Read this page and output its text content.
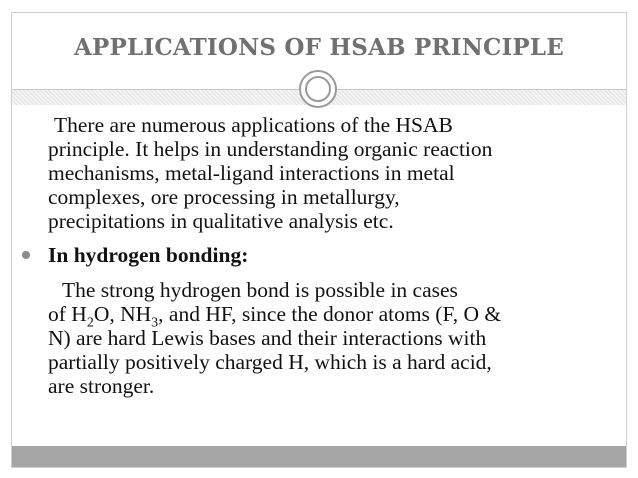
APPLICATIONS OF HSAB PRINCIPLE
There are numerous applications of the HSAB
principle. It helps in understanding organic reaction
mechanisms, metal-ligand interactions in metal
complexes, ore processing in metallurgy,
precipitations in qualitative analysis etc.
In hydrogen bonding:
The strong hydrogen bond is possible in cases
of $H_2O$, $NH_3$, and HF, since the donor atoms (F, O &
N) are hard Lewis bases and their interactions with
partially positively charged H, which is a hard acid,
are stronger.
